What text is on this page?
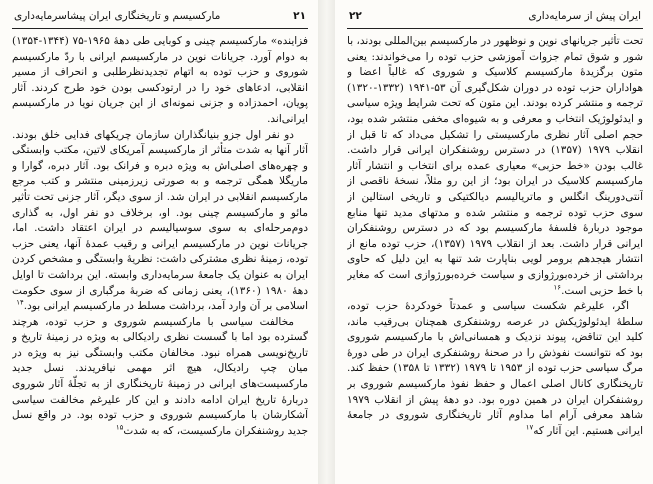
۲۱
مارکسیسم و تاریخنگاری ایران پیشاسرمایه‌داری

فزاینده» مارکسیسم چینی و کوبایی طی دههٔ ۱۹۶۵-۷۵ (۱۳۴۴-۱۳۵۴) به دوام آورد. جریانات نوین در مارکسیسم ایرانی با ردّ مارکسیسم شوروی و حزب توده به اتهام تجدیدنظرطلبی و انحراف از مسیر انقلابی، ادعاهای خود را در ارتودکسی بودن خود طرح کردند. آثار پویان، احمدزاده و جزنی نمونه‌ای از این جریان نویا در مارکسیسم ایرانی‌اند.

دو نفر اول جزو بنیانگذاران سازمان چریکهای فدایی خلق بودند. آثار آنها به شدت متأثر از مارکسیسم آمریکای لاتین، مکتب وابستگی و چهره‌های اصلی‌اش به ویژه دبره و فرانک بود. آثار دبره، گوارا و ماریگلا همگی ترجمه و به صورتی زیرزمینی منتشر و کتب مرجع مارکسیسم انقلابی در ایران شد. از سوی دیگر، آثار جزنی تحت تأثیر مائو و مارکسیسم چینی بود. او، برخلاف دو نفر اول، به گذاری دوم‌مرحله‌ای به سوی سوسیالیسم در ایران اعتقاد داشت. اما، جریانات نوین در مارکسیسم ایرانی و رقیب عمدهٔ آنها، یعنی حزب توده، زمینهٔ نظری مشترکی داشت: نظریهٔ وابستگی و مشخص کردن ایران به عنوان یک جامعهٔ سرمایه‌داری وابسته. این برداشت تا اوایل دههٔ ۱۹۸۰ (۱۳۶۰)، یعنی زمانی که ضربهٔ مرگباری از سوی حکومت اسلامی بر آن وارد آمد، برداشت مسلط در مارکسیسم ایرانی بود.$^{۱۴}$

مخالفت سیاسی با مارکسیسم شوروی و حزب توده، هرچند گسترده بود اما با گسست نظری رادیکالی به ویژه در زمینهٔ تاریخ و تاریخ‌نویسی همراه نبود. مخالفان مکتب وابستگی نیز به ویژه در میان چپ رادیکال، هیچ اثر مهمی نیافریدند. نسل جدید مارکسیست‌های ایرانی در زمینهٔ تاریخنگاری از به تجلّهٔ آثار شوروی دربارهٔ تاریخ ایران ادامه دادند و این کار علیرغم مخالفت سیاسی آشکارشان با مارکسیسم شوروی و حزب توده بود. در واقع نسل جدید روشنفکران مارکسیست، که به شدت$^{۱۵}$

۲۲	ایران پیش از سرمایه‌داری

تحت تأثیر جریانهای نوین و نوظهور در مارکسیسم بین‌المللی بودند، با شور و شوق تمام جزوات آموزشی حزب توده را می‌خواندند: یعنی متون برگزیدهٔ مارکسیسم کلاسیک و شوروی که غالباً اعضا و هواداران حزب توده در دوران شکل‌گیری آن ۵۳-۱۹۴۱ (۱۳۳۲-۱۳۲۰) ترجمه و منتشر کرده بودند. این متون که تحت شرایط ویژه سیاسی و ایدئولوژیک انتخاب و معرفی و به شیوه‌ای مخفی منتشر شده بود، حجم اصلی آثار نظری مارکسیستی را تشکیل می‌داد که تا قبل از انقلاب ۱۹۷۹ (۱۳۵۷) در دسترس روشنفکران ایرانی قرار داشت. غالب بودن «خط حزبی» معیاری عمده برای انتخاب و انتشار آثار مارکسیسم کلاسیک در ایران بود؛ از این رو مثلاً، نسخهٔ ناقصی از آنتی‌دورینگ انگلس و ماتریالیسم دیالکتیکی و تاریخی استالین از سوی حزب توده ترجمه و منتشر شده و مدتهای مدید تنها منابع موجود دربارهٔ فلسفهٔ مارکسیسم بود که در دسترس روشنفکران ایرانی قرار داشت. بعد از انقلاب ۱۹۷۹ (۱۳۵۷)، حزب توده مانع از انتشار هیجدهم برومر لویی بناپارت شد تنها به این دلیل که حاوی برداشتی از خرده‌بورژوازی و سیاست خرده‌بورژوازی است که مغایر با خط حزبی است.$^{۱۶}$

اگر، علیرغم شکست سیاسی و عمدتاً خودکردهٔ حزب توده، سلطهٔ ایدئولوژیکش در عرصه روشنفکری همچنان بی‌رقیب ماند، کلید این تناقض، پیوند نزدیک و همسانی‌اش با مارکسیسم شوروی بود که نتوانست نفوذش را در صحنهٔ روشنفکری ایران در طی دورهٔ مرگ سیاسی حزب توده از ۱۹۵۳ تا ۱۹۷۹ (۱۳۳۲ تا ۱۳۵۸) حفظ کند. تاریخنگاری کانال اصلی اعمال و حفظ نفوذ مارکسیسم شوروی بر روشنفکران ایران در همین دوره بود. دو دههٔ پیش از انقلاب ۱۹۷۹ شاهد معرفی آرام اما مداوم آثار تاریخنگاری شوروی در جامعهٔ ایرانی هستیم. این آثار که$^{۱۷}$
